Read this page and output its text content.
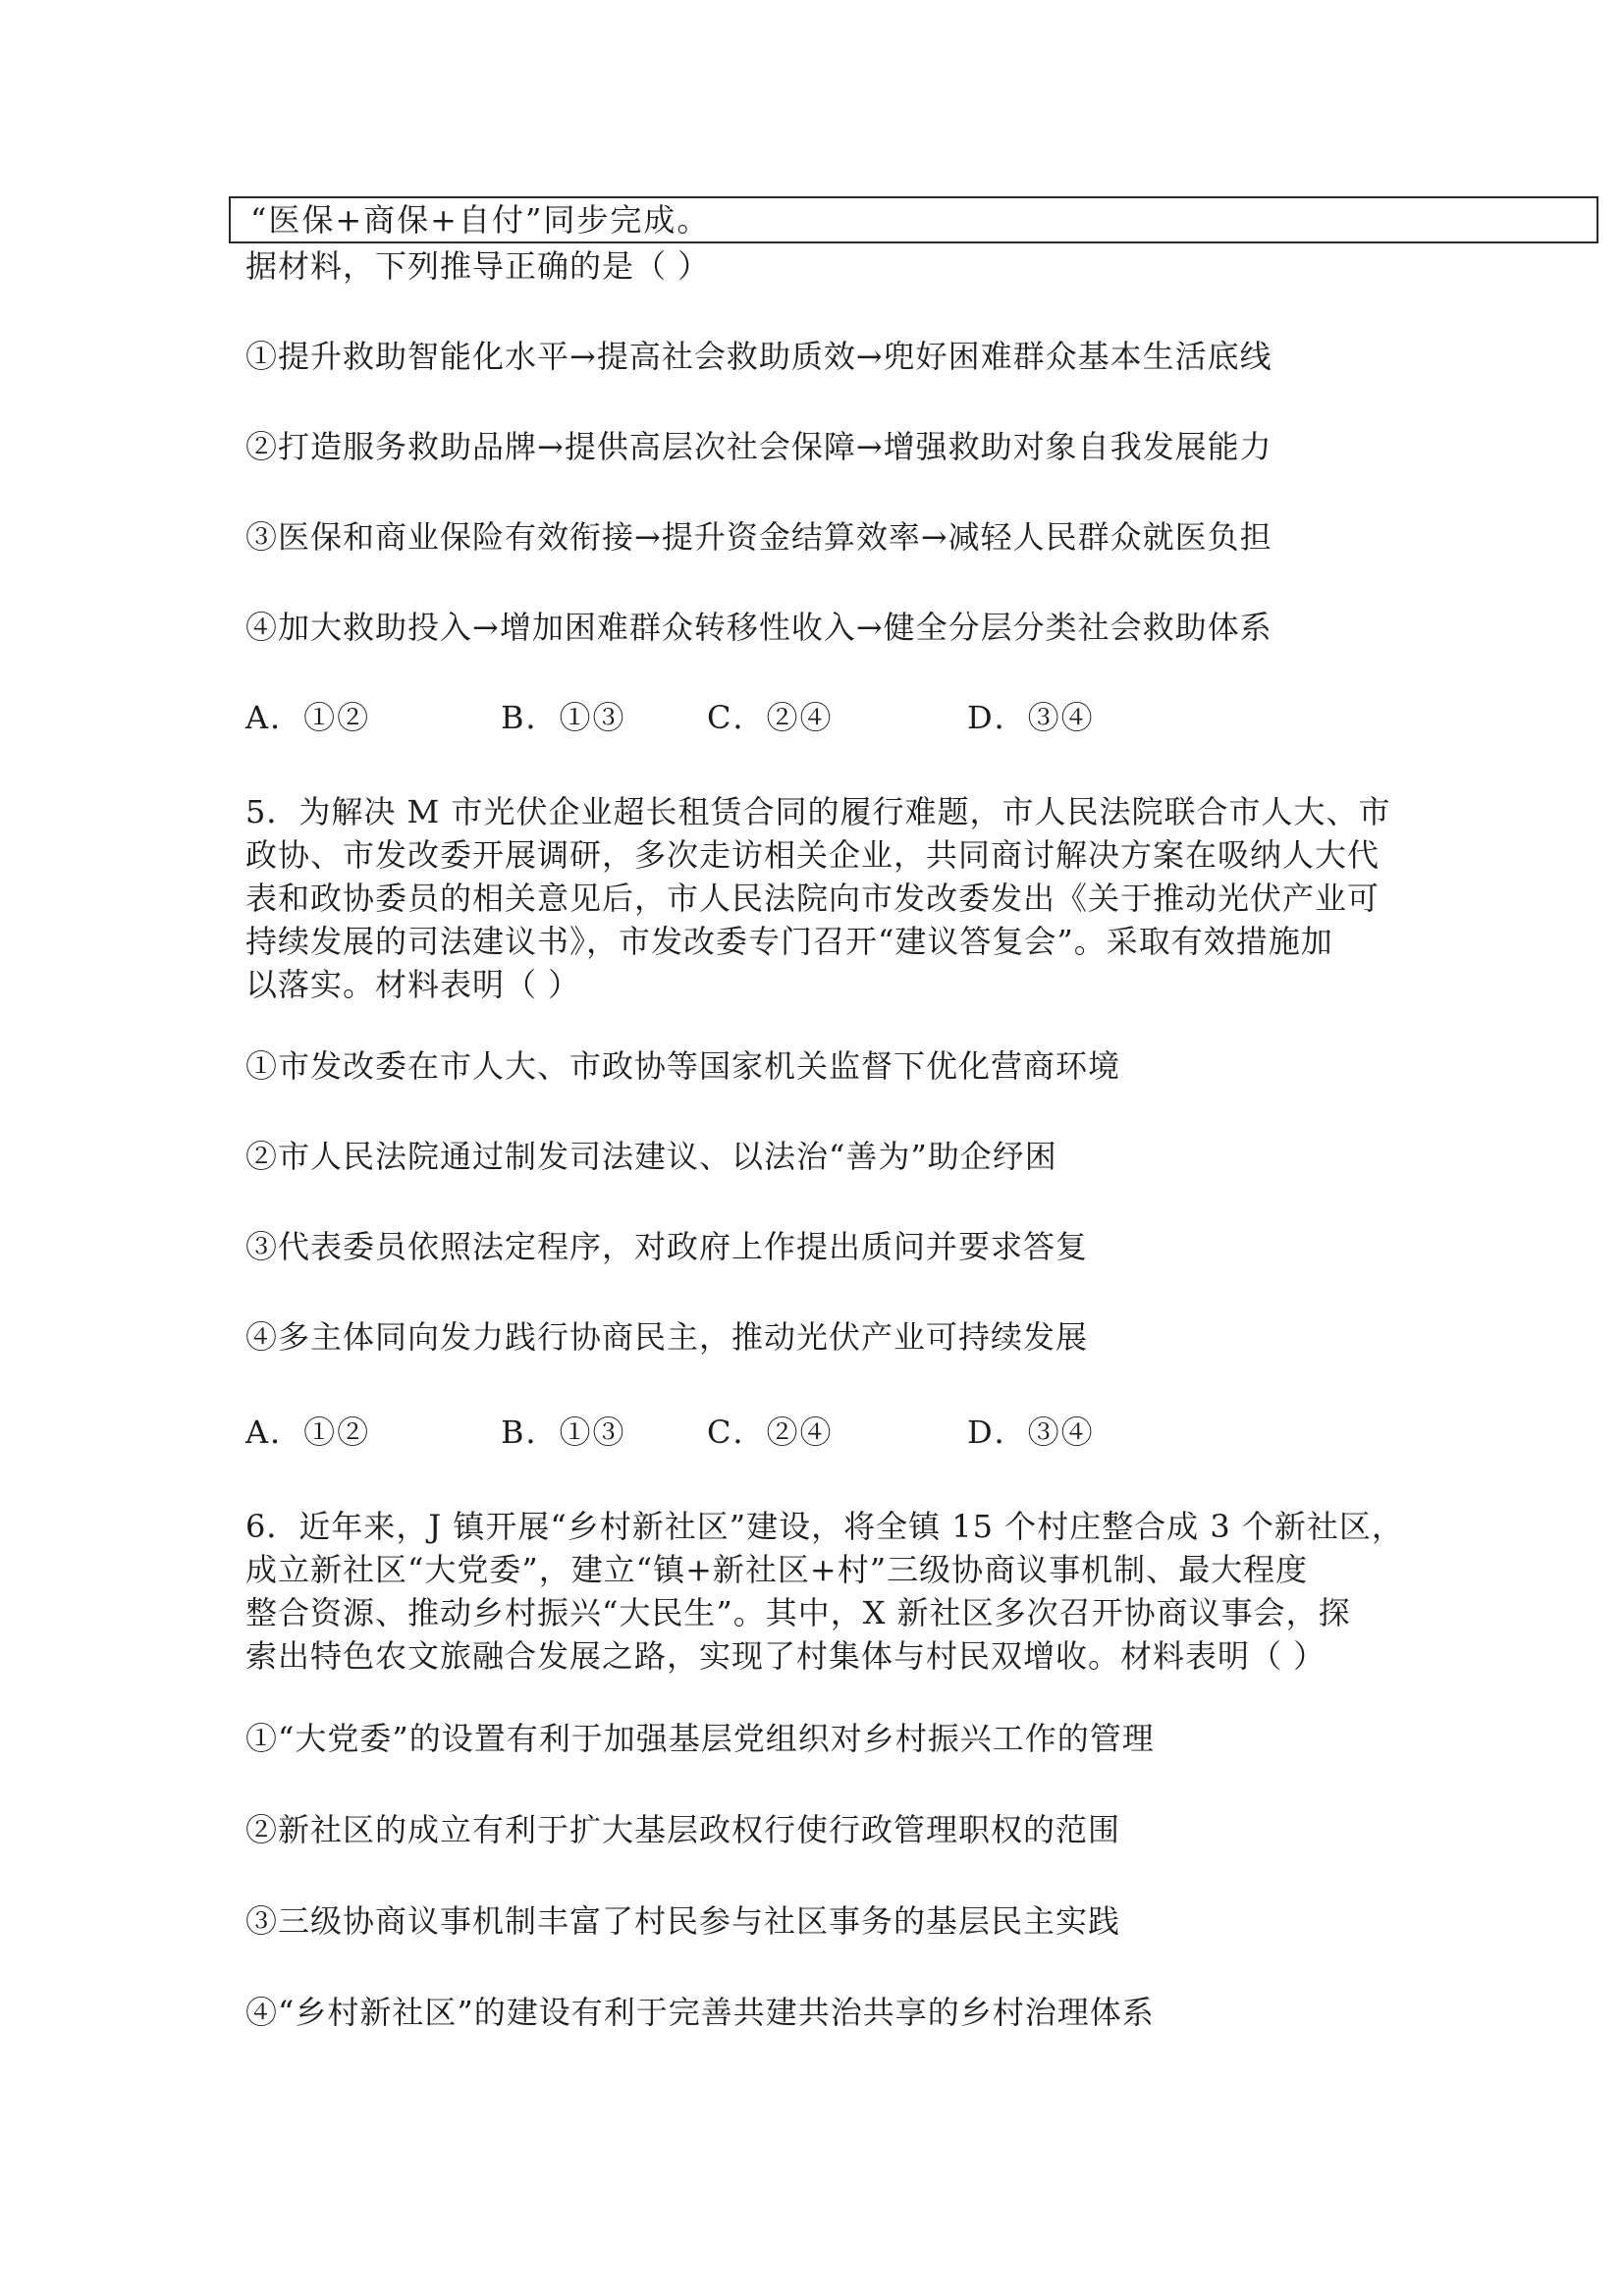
“医保+商保+自付”同步完成。
据材料，下列推导正确的是（ ）
①提升救助智能化水平→提高社会救助质效→兜好困难群众基本生活底线
②打造服务救助品牌→提供高层次社会保障→增强救助对象自我发展能力
③医保和商业保险有效衔接→提升资金结算效率→减轻人民群众就医负担
④加大救助投入→增加困难群众转移性收入→健全分层分类社会救助体系
A．①②	B．①③	C．②④	D．③④
5．为解决 M 市光伏企业超长租赁合同的履行难题，市人民法院联合市人大、市
政协、市发改委开展调研，多次走访相关企业，共同商讨解决方案在吸纳人大代
表和政协委员的相关意见后，市人民法院向市发改委发出《关于推动光伏产业可
持续发展的司法建议书》，市发改委专门召开“建议答复会”。采取有效措施加
以落实。材料表明（ ）
①市发改委在市人大、市政协等国家机关监督下优化营商环境
②市人民法院通过制发司法建议、以法治“善为”助企纾困
③代表委员依照法定程序，对政府上作提出质问并要求答复
④多主体同向发力践行协商民主，推动光伏产业可持续发展
A．①②	B．①③	C．②④	D．③④
6．近年来，J 镇开展“乡村新社区”建设，将全镇 15 个村庄整合成 3 个新社区，
成立新社区“大党委”，建立“镇+新社区+村”三级协商议事机制、最大程度
整合资源、推动乡村振兴“大民生”。其中，X 新社区多次召开协商议事会，探
索出特色农文旅融合发展之路，实现了村集体与村民双增收。材料表明（ ）
①“大党委”的设置有利于加强基层党组织对乡村振兴工作的管理
②新社区的成立有利于扩大基层政权行使行政管理职权的范围
③三级协商议事机制丰富了村民参与社区事务的基层民主实践
④“乡村新社区”的建设有利于完善共建共治共享的乡村治理体系
